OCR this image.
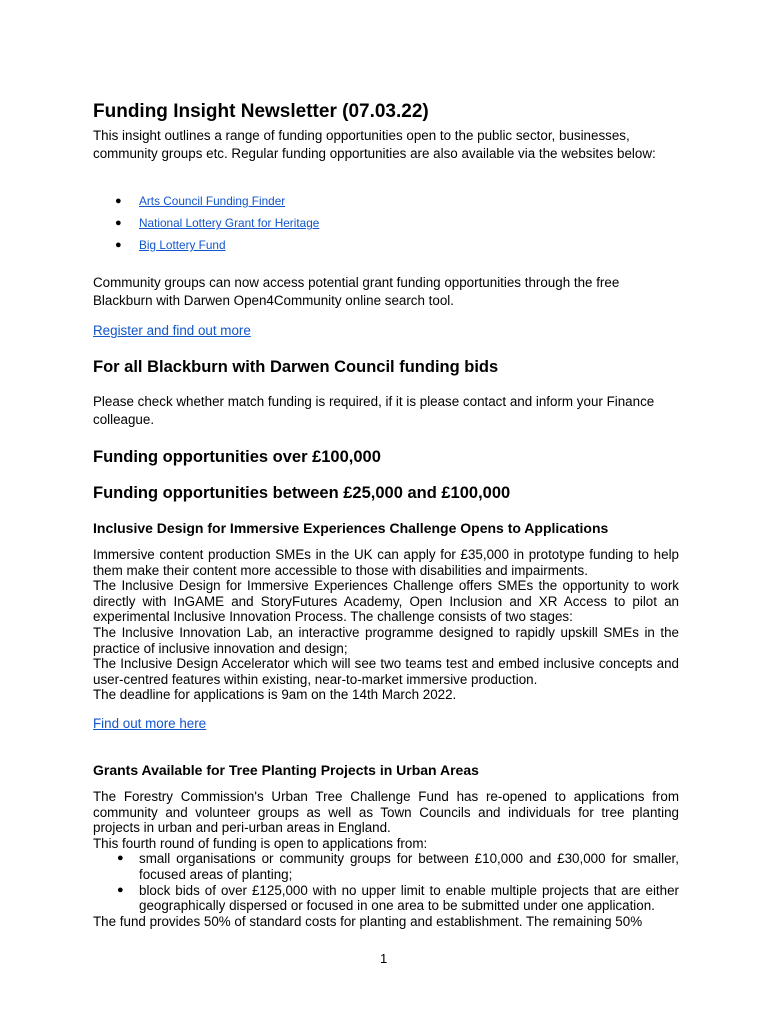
Funding Insight Newsletter (07.03.22)

This insight outlines a range of funding opportunities open to the public sector, businesses, community groups etc. Regular funding opportunities are also available via the websites below:

● Arts Council Funding Finder
● National Lottery Grant for Heritage
● Big Lottery Fund

Community groups can now access potential grant funding opportunities through the free Blackburn with Darwen Open4Community online search tool.

Register and find out more

For all Blackburn with Darwen Council funding bids

Please check whether match funding is required, if it is please contact and inform your Finance colleague.

Funding opportunities over £100,000
Funding opportunities between £25,000 and £100,000
Inclusive Design for Immersive Experiences Challenge Opens to Applications

Immersive content production SMEs in the UK can apply for £35,000 in prototype funding to help them make their content more accessible to those with disabilities and impairments.

The Inclusive Design for Immersive Experiences Challenge offers SMEs the opportunity to work directly with InGAME and StoryFutures Academy, Open Inclusion and XR Access to pilot an experimental Inclusive Innovation Process. The challenge consists of two stages:

The Inclusive Innovation Lab, an interactive programme designed to rapidly upskill SMEs in the practice of inclusive innovation and design;

The Inclusive Design Accelerator which will see two teams test and embed inclusive concepts and user-centred features within existing, near-to-market immersive production.

The deadline for applications is 9am on the 14th March 2022.

Find out more here

Grants Available for Tree Planting Projects in Urban Areas

The Forestry Commission's Urban Tree Challenge Fund has re-opened to applications from community and volunteer groups as well as Town Councils and individuals for tree planting projects in urban and peri-urban areas in England.

This fourth round of funding is open to applications from:

● small organisations or community groups for between £10,000 and £30,000 for smaller, focused areas of planting;
● block bids of over £125,000 with no upper limit to enable multiple projects that are either geographically dispersed or focused in one area to be submitted under one application.

The fund provides 50% of standard costs for planting and establishment. The remaining 50%

1
